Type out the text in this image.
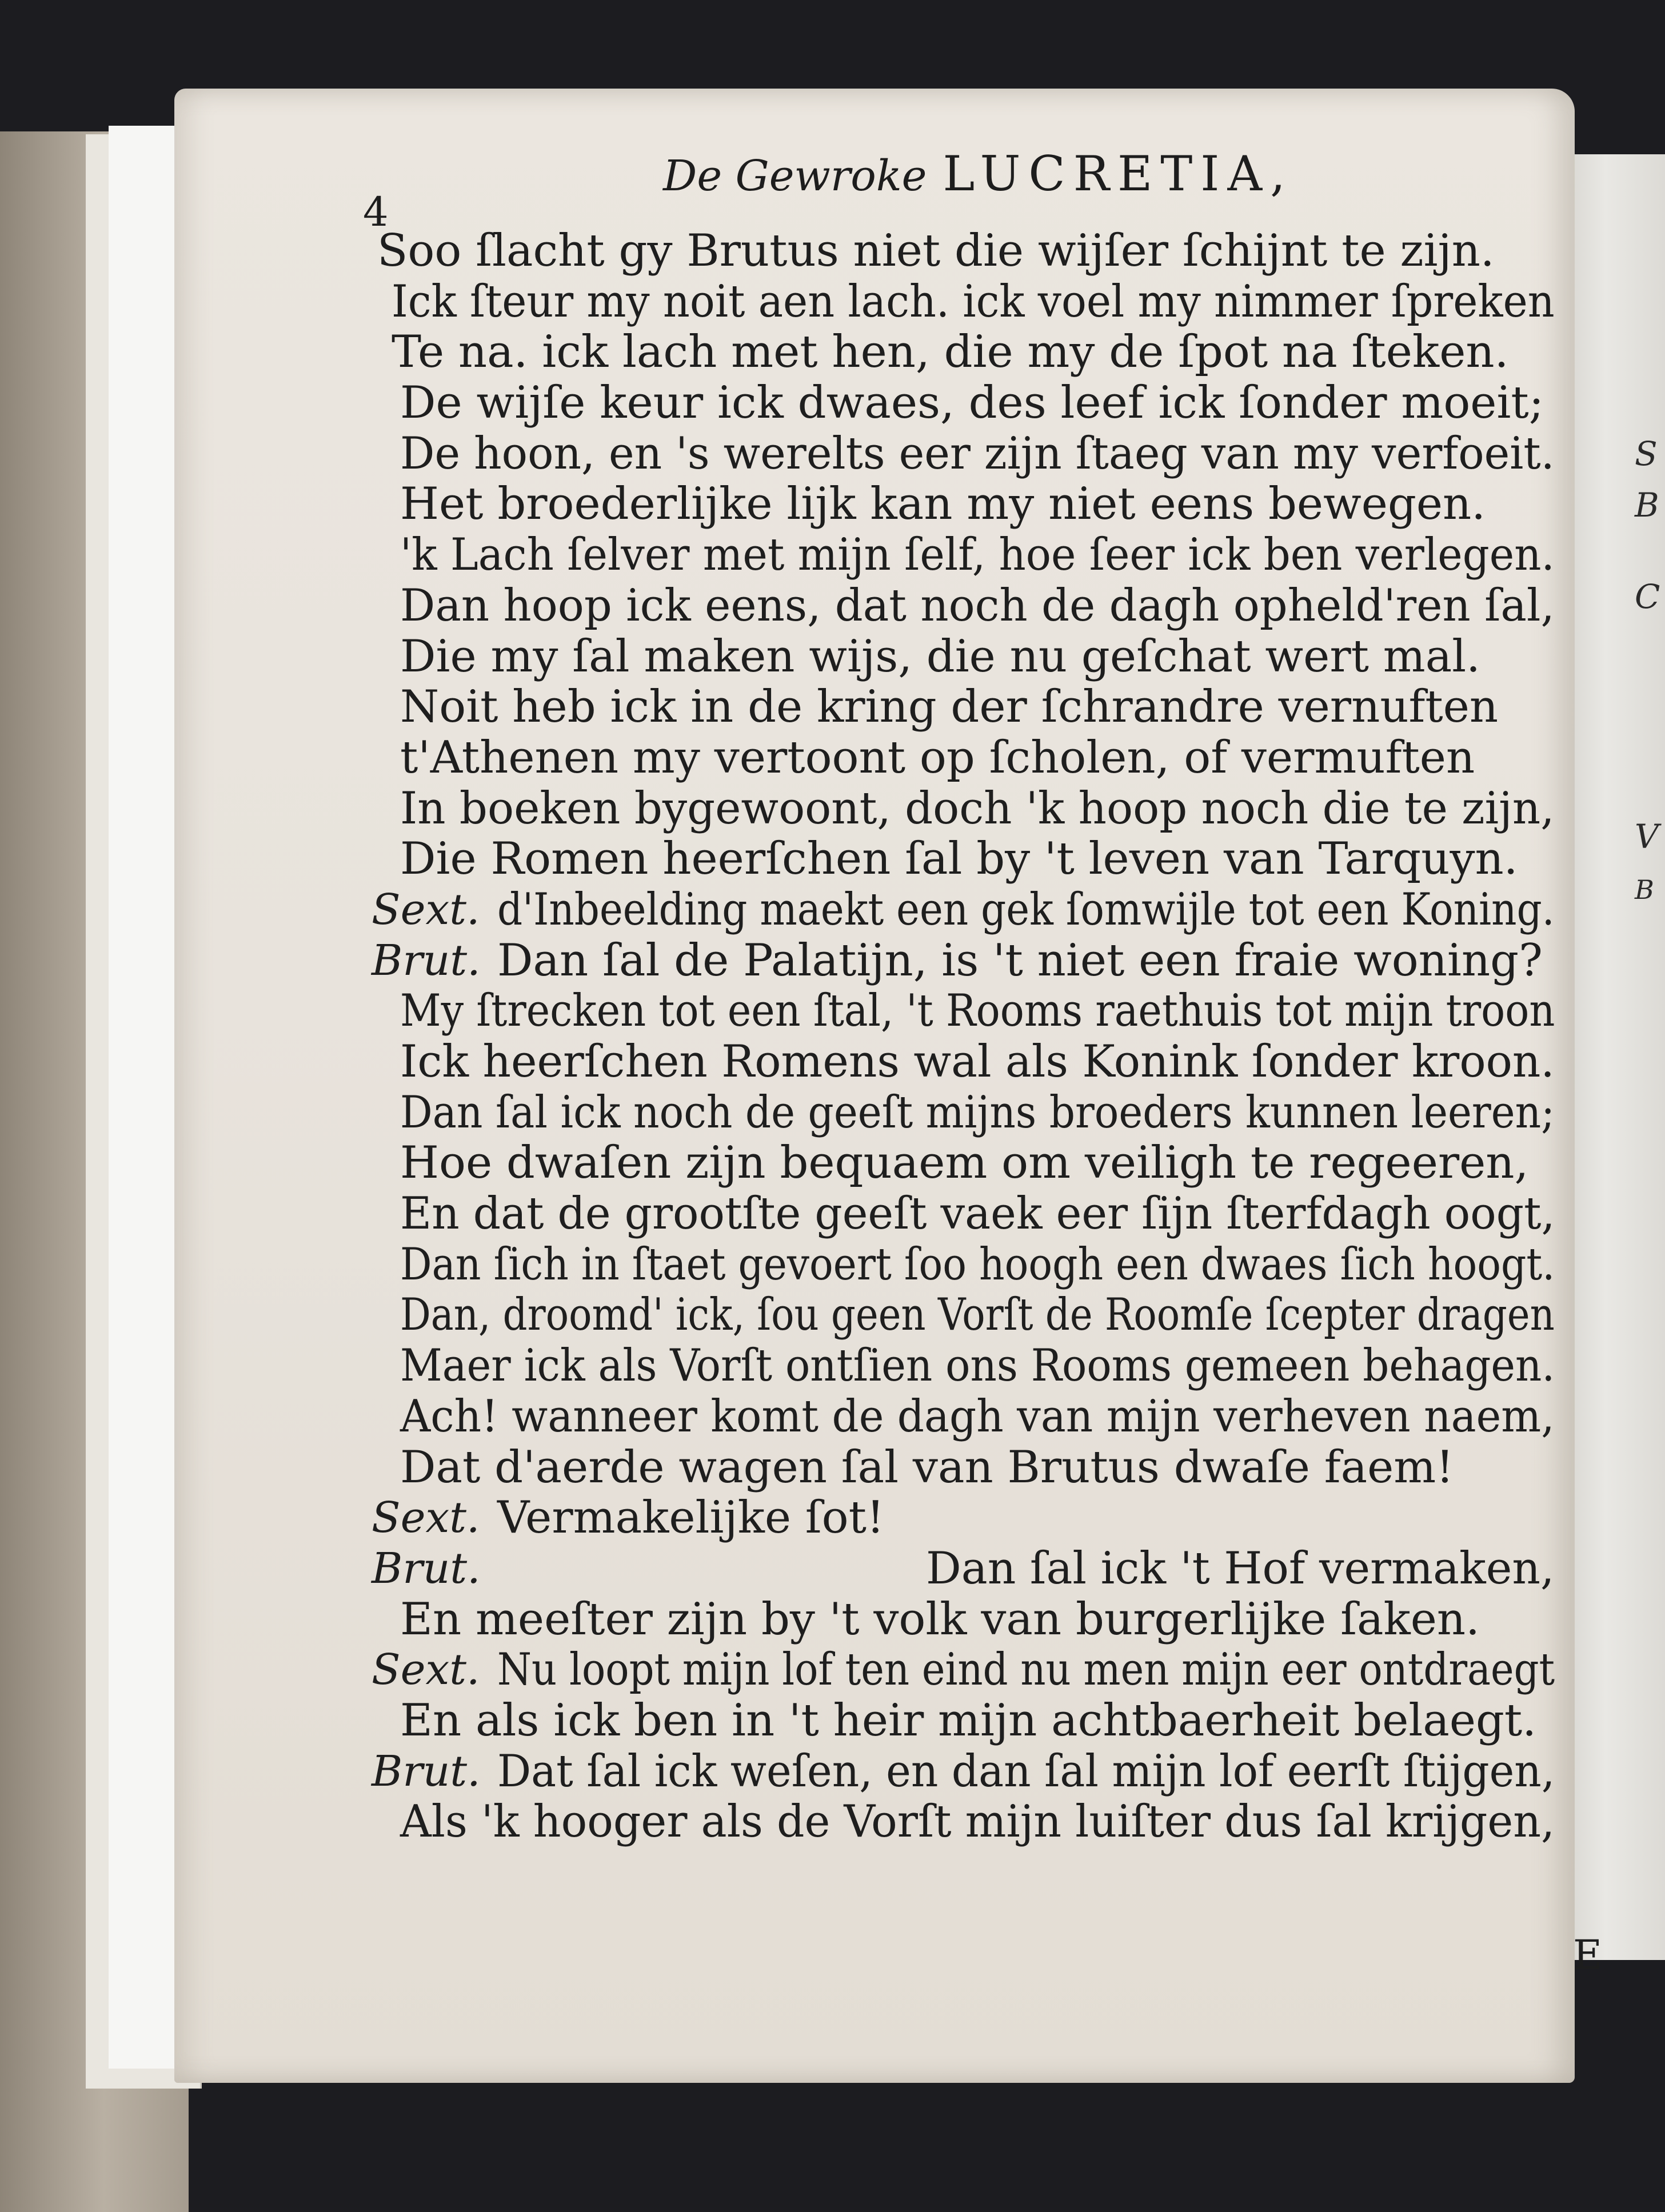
S
B
C
V
B
4
De Gewroke LUCRETIA,
Soo ſlacht gy Brutus niet die wijſer ſchijnt te zijn.
Ick ſteur my noit aen lach. ick voel my nimmer ſpreken
Te na. ick lach met hen, die my de ſpot na ſteken.
De wijſe keur ick dwaes, des leef ick ſonder moeit;
De hoon, en 's werelts eer zijn ſtaeg van my verfoeit.
Het broederlijke lijk kan my niet eens bewegen.
'k Lach ſelver met mijn ſelf, hoe ſeer ick ben verlegen.
Dan hoop ick eens, dat noch de dagh opheld'ren ſal,
Die my ſal maken wijs, die nu geſchat wert mal.
Noit heb ick in de kring der ſchrandre vernuften
t'Athenen my vertoont op ſcholen, of vermuften
In boeken bygewoont, doch 'k hoop noch die te zijn,
Die Romen heerſchen ſal by 't leven van Tarquyn.
Sext. d'Inbeelding maekt een gek ſomwijle tot een Koning.
Brut. Dan ſal de Palatijn, is 't niet een fraie woning?
My ſtrecken tot een ſtal, 't Rooms raethuis tot mijn troon
Ick heerſchen Romens wal als Konink ſonder kroon.
Dan ſal ick noch de geeſt mijns broeders kunnen leeren;
Hoe dwaſen zijn bequaem om veiligh te regeeren,
En dat de grootſte geeſt vaek eer ſijn ſterfdagh oogt,
Dan ſich in ſtaet gevoert ſoo hoogh een dwaes ſich hoogt.
Dan, droomd' ick, ſou geen Vorſt de Roomſe ſcepter dragen
Maer ick als Vorſt ontſien ons Rooms gemeen behagen.
Ach! wanneer komt de dagh van mijn verheven naem,
Dat d'aerde wagen ſal van Brutus dwaſe faem!
Sext. Vermakelijke ſot!
Brut.	Dan ſal ick 't Hof vermaken,
En meeſter zijn by 't volk van burgerlijke ſaken.
Sext. Nu loopt mijn lof ten eind nu men mijn eer ontdraegt
En als ick ben in 't heir mijn achtbaerheit belaegt.
Brut. Dat ſal ick weſen, en dan ſal mijn lof eerſt ſtijgen,
Als 'k hooger als de Vorſt mijn luiſter dus ſal krijgen,
E
